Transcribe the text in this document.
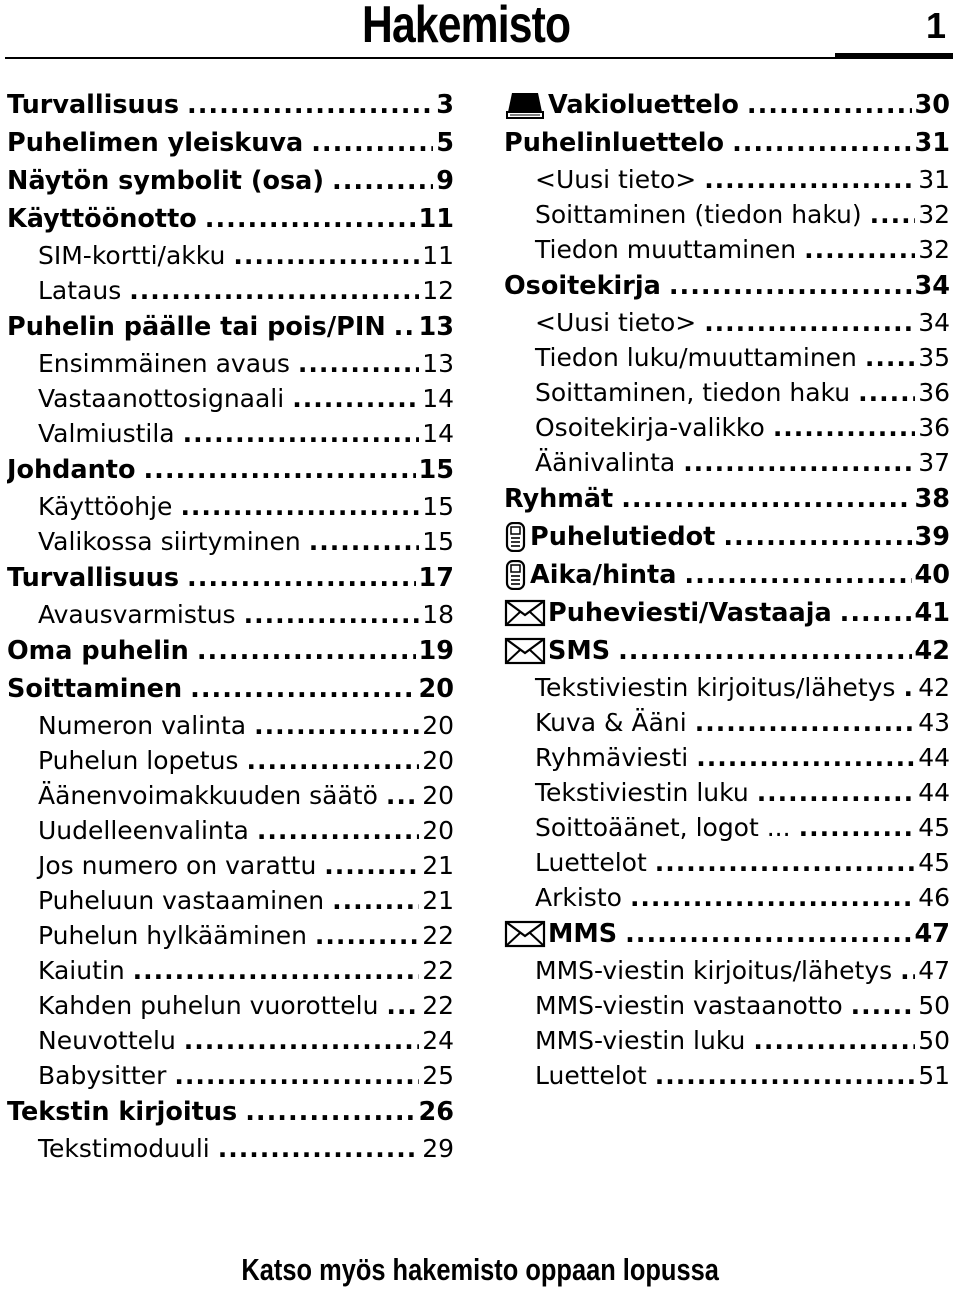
Hakemisto	1
Turvallisuus .....	3
Puhelimen yleiskuva .....	5
Näytön symbolit (osa) .....	9
Käyttöönotto .....	11
SIM-kortti/akku .....	11
Lataus .....	12
Puhelin päälle tai pois/PIN ..... 13
Ensimmäinen avaus .....	13
Vastaanottosignaali .....	14
Valmiustila .....	14
Johdanto .....	15
Käyttöohje .....	15
Valikossa siirtyminen .....	15
Turvallisuus .....	17
Avausvarmistus .....	18
Oma puhelin .....	19
Soittaminen .....	20
Numeron valinta .....	20
Puhelun lopetus .....	20
Äänenvoimakkuuden säätö ..... 20
Uudelleenvalinta .....	20
Jos numero on varattu .....	21
Puheluun vastaaminen .....	21
Puhelun hylkääminen .....	22
Kaiutin .....	22
Kahden puhelun vuorottelu ..... 22
Neuvottelu .....	24
Babysitter .....	25
Tekstin kirjoitus .....	26
Tekstimoduuli .....	29
Vakioluettelo .....	30
Puhelinluettelo .....	31
<Uusi tieto> .....	31
Soittaminen (tiedon haku) ..... 32
Tiedon muuttaminen .....	32
Osoitekirja .....	34
<Uusi tieto> .....	34
Tiedon luku/muuttaminen ..... 35
Soittaminen, tiedon haku .....	36
Osoitekirja-valikko .....	36
Äänivalinta .....	37
Ryhmät .....	38
Puhelutiedot .....	39
Aika/hinta .....	40
Puheviesti/Vastaaja .....	41
SMS .....	42
Tekstiviestin kirjoitus/lähetys ..... 42
Kuva & Ääni .....	43
Ryhmäviesti .....	44
Tekstiviestin luku .....	44
Soittoäänet, logot ... .....	45
Luettelot .....	45
Arkisto .....	46
MMS .....	47
MMS-viestin kirjoitus/lähetys ..... 47
MMS-viestin vastaanotto .....	50
MMS-viestin luku .....	50
Luettelot .....	51
Katso myös hakemisto oppaan lopussa
